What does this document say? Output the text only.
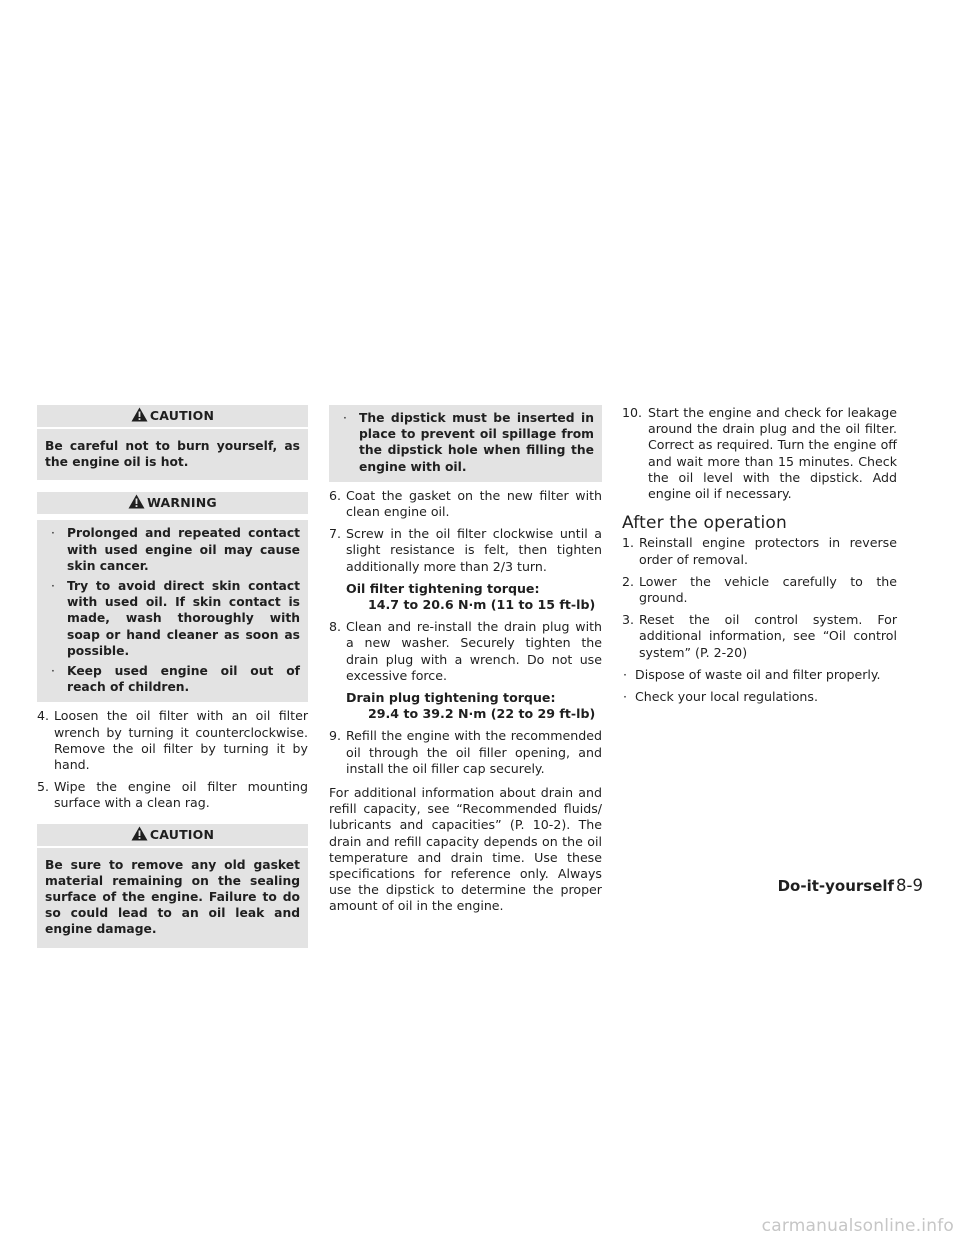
CAUTION
Be careful not to burn yourself, as the engine oil is hot.
WARNING
· Prolonged and repeated contact with used engine oil may cause skin cancer.
· Try to avoid direct skin contact with used oil. If skin contact is made, wash thoroughly with soap or hand cleaner as soon as possible.
· Keep used engine oil out of reach of children.
4. Loosen the oil filter with an oil filter wrench by turning it counterclockwise. Remove the oil filter by turning it by hand.
5. Wipe the engine oil filter mounting surface with a clean rag.
CAUTION
Be sure to remove any old gasket material remaining on the sealing surface of the engine. Failure to do so could lead to an oil leak and engine damage.
· The dipstick must be inserted in place to prevent oil spillage from the dipstick hole when filling the engine with oil.
6. Coat the gasket on the new filter with clean engine oil.
7. Screw in the oil filter clockwise until a slight resistance is felt, then tighten additionally more than 2/3 turn.
Oil filter tightening torque:
14.7 to 20.6 N·m (11 to 15 ft-lb)
8. Clean and re-install the drain plug with a new washer. Securely tighten the drain plug with a wrench. Do not use excessive force.
Drain plug tightening torque:
29.4 to 39.2 N·m (22 to 29 ft-lb)
9. Refill the engine with the recommended oil through the oil filler opening, and install the oil filler cap securely.
For additional information about drain and refill capacity, see “Recommended fluids/ lubricants and capacities” (P. 10-2). The drain and refill capacity depends on the oil temperature and drain time. Use these specifications for reference only. Always use the dipstick to determine the proper amount of oil in the engine.
10. Start the engine and check for leakage around the drain plug and the oil filter. Correct as required. Turn the engine off and wait more than 15 minutes. Check the oil level with the dipstick. Add engine oil if necessary.
After the operation
1. Reinstall engine protectors in reverse order of removal.
2. Lower the vehicle carefully to the ground.
3. Reset the oil control system. For additional information, see “Oil control system” (P. 2-20)
· Dispose of waste oil and filter properly.
· Check your local regulations.
Do-it-yourself 8-9
carmanualsonline.info
